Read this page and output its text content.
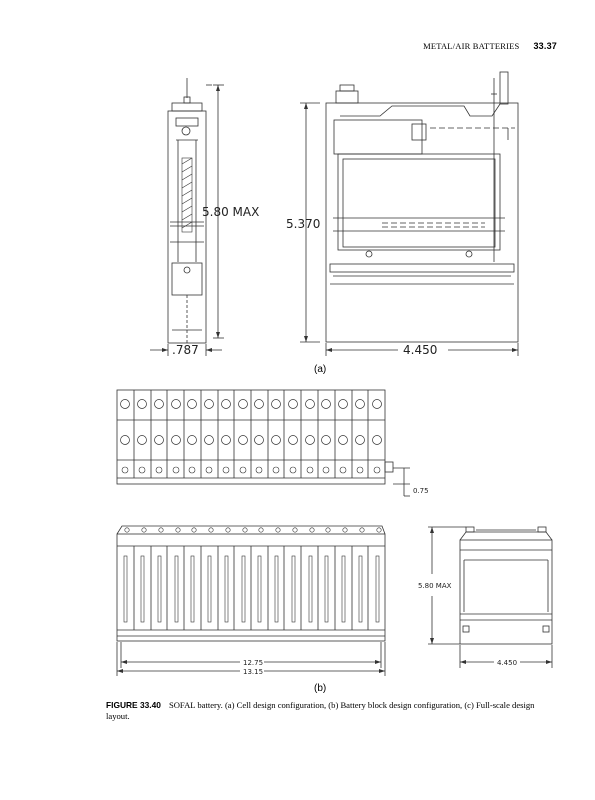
METAL/AIR BATTERIES 33.37
5.80 MAX
5.370
.787	4.450
0.75
5.80 MAX
12.75
13.15
4.450
(a)
(b)
FIGURE 33.40 SOFAL battery. (a) Cell design configuration, (b) Battery block design configuration, (c) Full-scale design layout.
